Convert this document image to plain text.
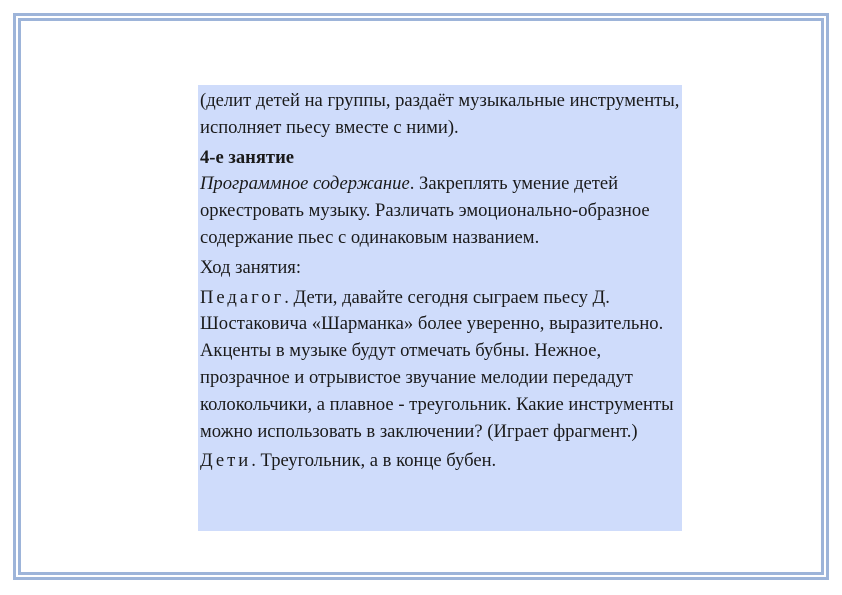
(делит детей на группы, раздаёт музыкальные инструменты, исполняет пьесу вместе с ними).

4-е занятие

Программное содержание. Закреплять умение детей оркестровать музыку. Различать эмоционально-образное содержание пьес с одинаковым названием.

Ход занятия:

Педагог. Дети, давайте сегодня сыграем пьесу Д. Шостаковича «Шарманка» более уверенно, выразительно. Акценты в музыке будут отмечать бубны. Нежное, прозрачное и отрывистое звучание мелодии передадут колокольчики, а плавное - треугольник. Какие инструменты можно использовать в заключении? (Играет фрагмент.)

Дети. Треугольник, а в конце бубен.
